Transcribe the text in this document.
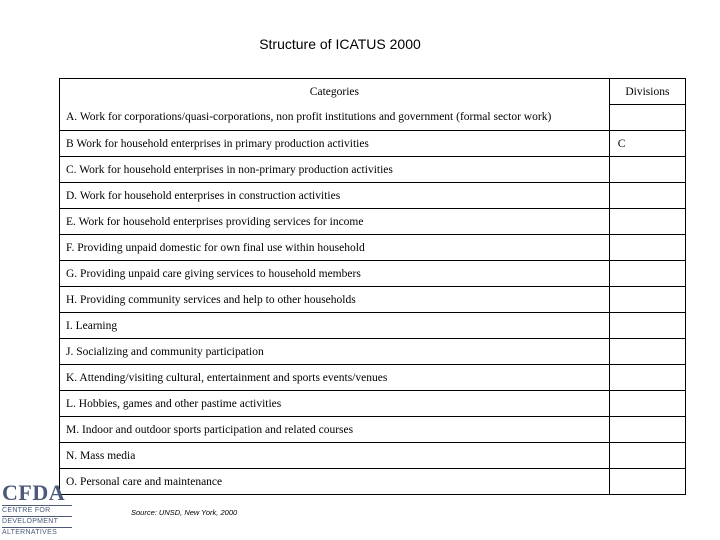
Structure of ICATUS 2000
Categories	Divisions
A. Work for corporations/quasi-corporations, non profit institutions and government (formal sector work)	
B Work for household enterprises in primary production activities	C
C. Work for household enterprises in non-primary production activities	
D. Work for household enterprises in construction activities	
E. Work for household enterprises providing services for income	
F. Providing unpaid domestic for own final use within household	
G. Providing unpaid care giving services to household members	
H. Providing community services and help to other households	
I. Learning	
J. Socializing and community participation	
K. Attending/visiting cultural, entertainment and sports events/venues	
L. Hobbies, games and other pastime activities	
M. Indoor and outdoor sports participation and related courses	
N. Mass media	
O. Personal care and maintenance	
CFDA
CENTRE FOR
DEVELOPMENT
ALTERNATIVES
Source: UNSD, New York, 2000
